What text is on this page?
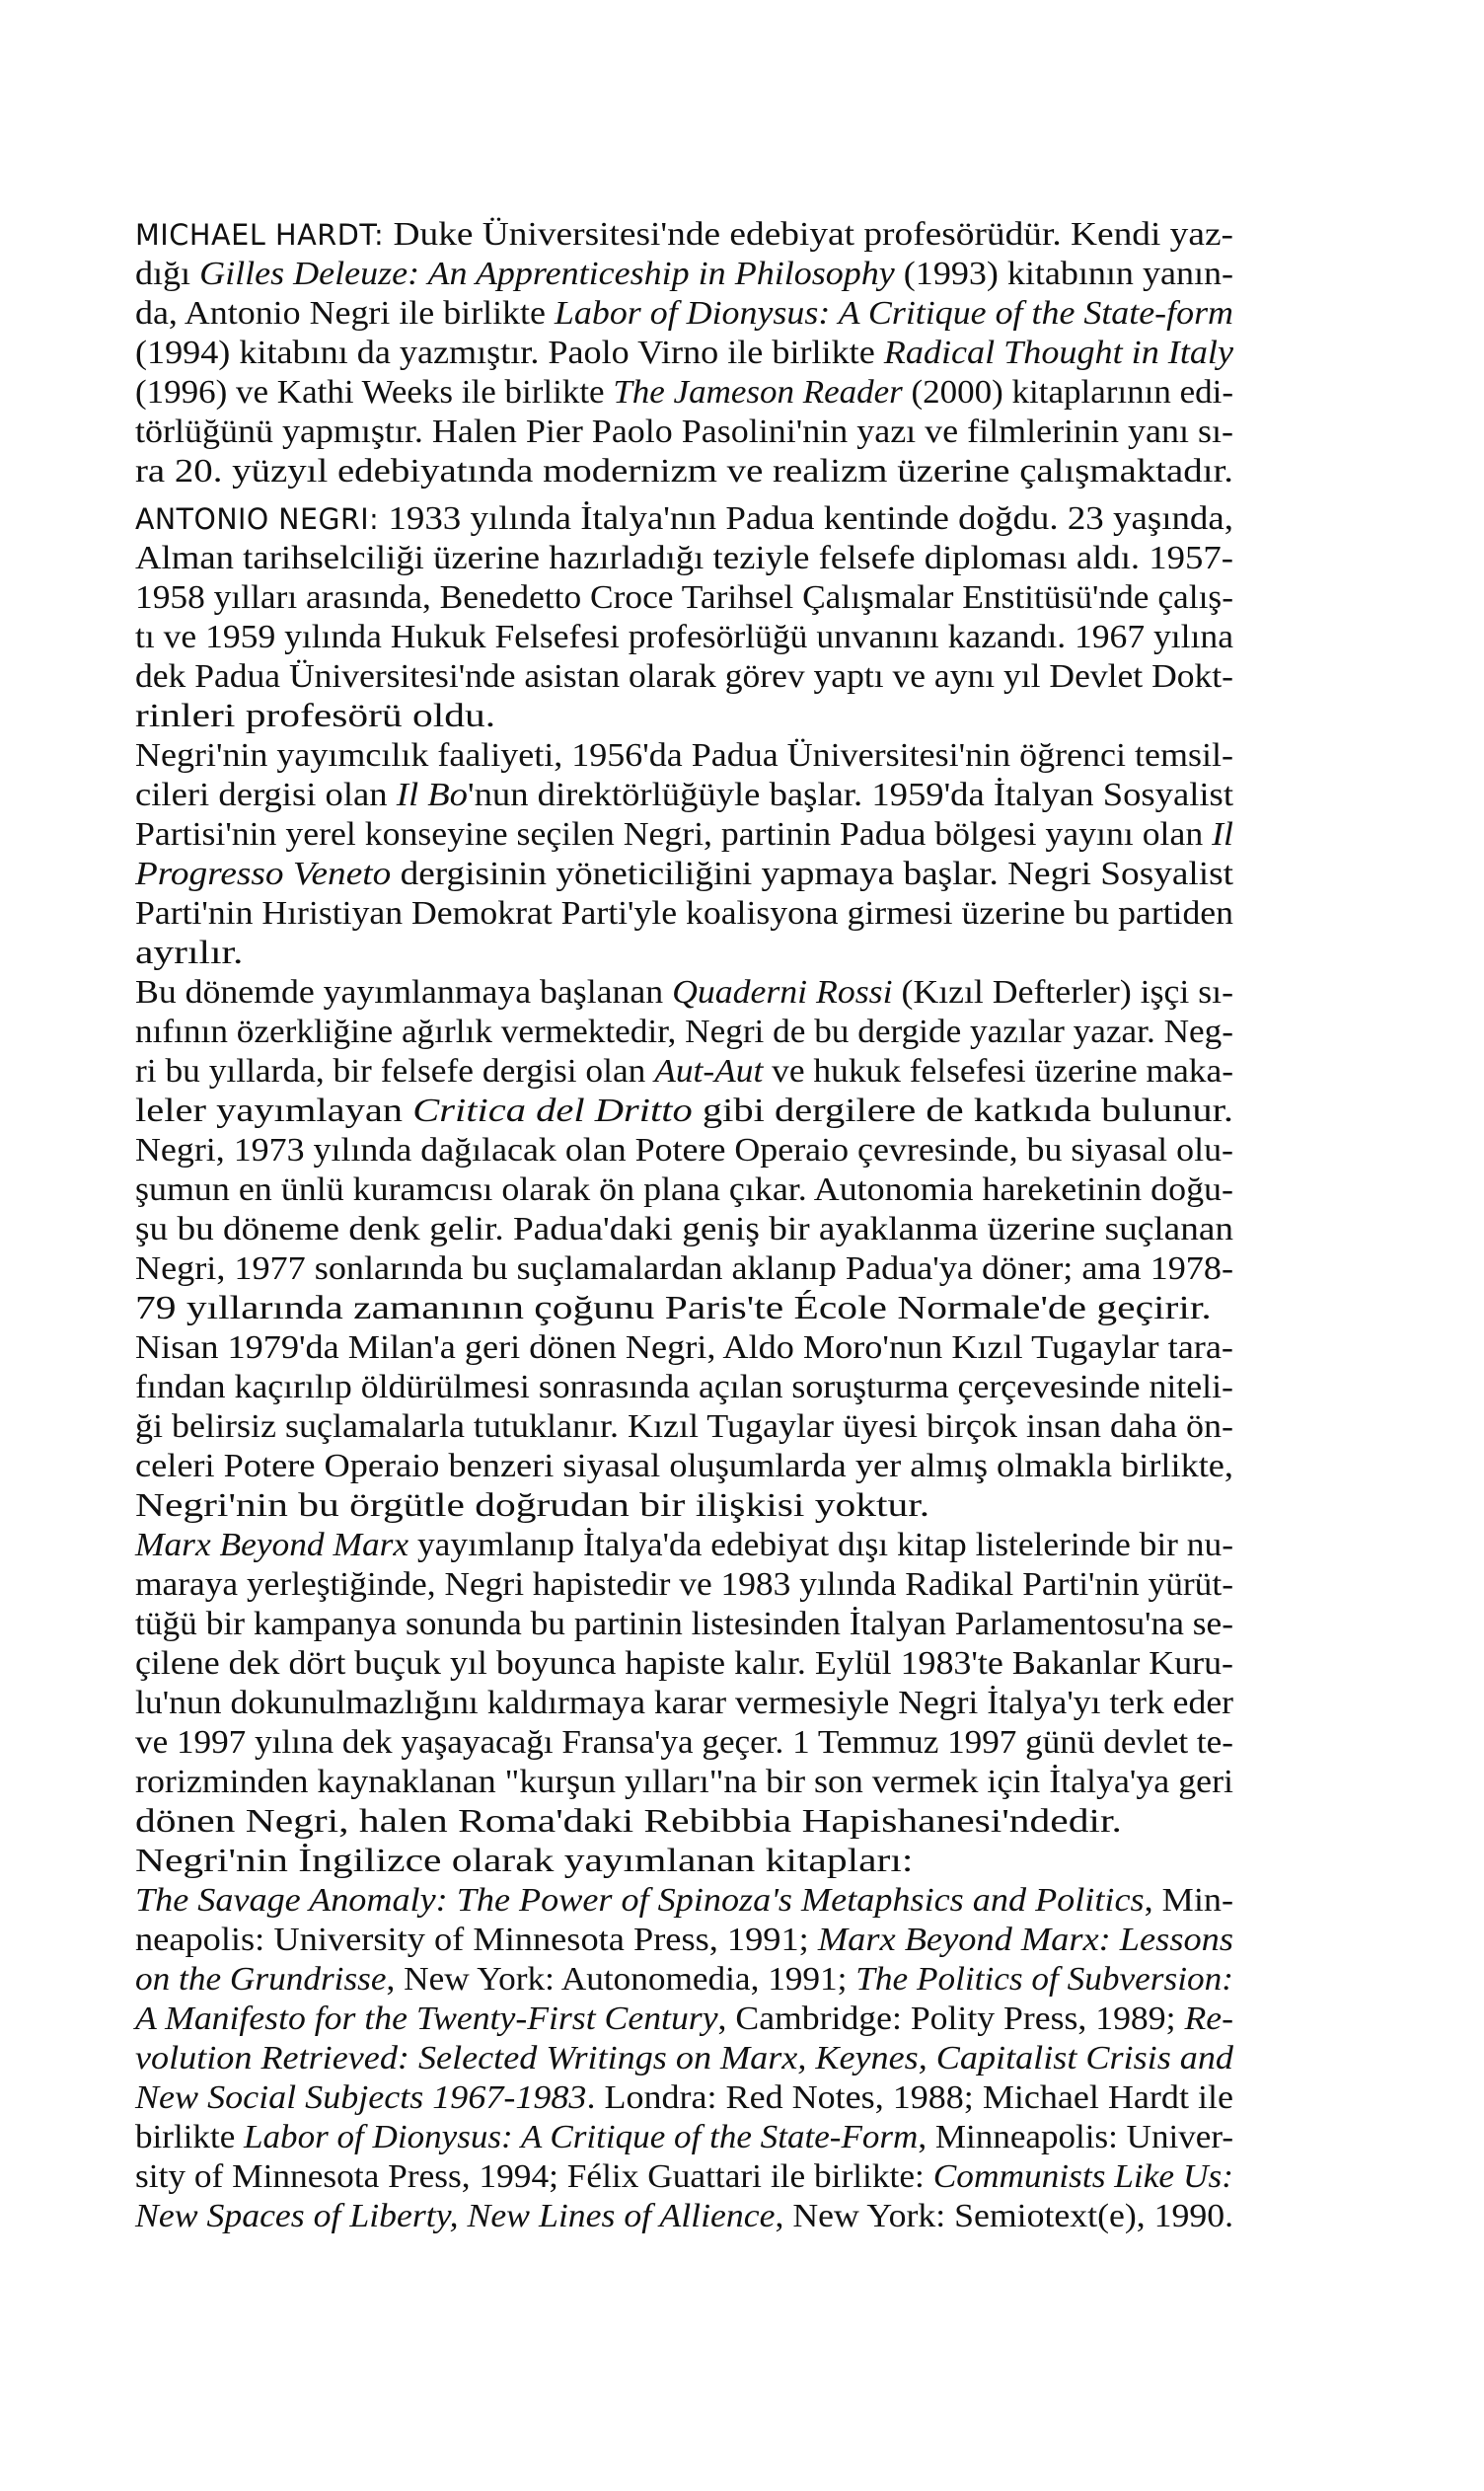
MICHAEL HARDT: Duke Üniversitesi'nde edebiyat profesörüdür. Kendi yaz-
dığı Gilles Deleuze: An Apprenticeship in Philosophy (1993) kitabının yanın-
da, Antonio Negri ile birlikte Labor of Dionysus: A Critique of the State-form
(1994) kitabını da yazmıştır. Paolo Virno ile birlikte Radical Thought in Italy
(1996) ve Kathi Weeks ile birlikte The Jameson Reader (2000) kitaplarının edi-
törlüğünü yapmıştır. Halen Pier Paolo Pasolini'nin yazı ve filmlerinin yanı sı-
ra 20. yüzyıl edebiyatında modernizm ve realizm üzerine çalışmaktadır.
ANTONIO NEGRI: 1933 yılında İtalya'nın Padua kentinde doğdu. 23 yaşında,
Alman tarihselciliği üzerine hazırladığı teziyle felsefe diploması aldı. 1957-
1958 yılları arasında, Benedetto Croce Tarihsel Çalışmalar Enstitüsü'nde çalış-
tı ve 1959 yılında Hukuk Felsefesi profesörlüğü unvanını kazandı. 1967 yılına
dek Padua Üniversitesi'nde asistan olarak görev yaptı ve aynı yıl Devlet Dokt-
rinleri profesörü oldu.
Negri'nin yayımcılık faaliyeti, 1956'da Padua Üniversitesi'nin öğrenci temsil-
cileri dergisi olan Il Bo'nun direktörlüğüyle başlar. 1959'da İtalyan Sosyalist
Partisi'nin yerel konseyine seçilen Negri, partinin Padua bölgesi yayını olan Il
Progresso Veneto dergisinin yöneticiliğini yapmaya başlar. Negri Sosyalist
Parti'nin Hıristiyan Demokrat Parti'yle koalisyona girmesi üzerine bu partiden
ayrılır.
Bu dönemde yayımlanmaya başlanan Quaderni Rossi (Kızıl Defterler) işçi sı-
nıfının özerkliğine ağırlık vermektedir, Negri de bu dergide yazılar yazar. Neg-
ri bu yıllarda, bir felsefe dergisi olan Aut-Aut ve hukuk felsefesi üzerine maka-
leler yayımlayan Critica del Dritto gibi dergilere de katkıda bulunur.
Negri, 1973 yılında dağılacak olan Potere Operaio çevresinde, bu siyasal olu-
şumun en ünlü kuramcısı olarak ön plana çıkar. Autonomia hareketinin doğu-
şu bu döneme denk gelir. Padua'daki geniş bir ayaklanma üzerine suçlanan
Negri, 1977 sonlarında bu suçlamalardan aklanıp Padua'ya döner; ama 1978-
79 yıllarında zamanının çoğunu Paris'te École Normale'de geçirir.
Nisan 1979'da Milan'a geri dönen Negri, Aldo Moro'nun Kızıl Tugaylar tara-
fından kaçırılıp öldürülmesi sonrasında açılan soruşturma çerçevesinde niteli-
ği belirsiz suçlamalarla tutuklanır. Kızıl Tugaylar üyesi birçok insan daha ön-
celeri Potere Operaio benzeri siyasal oluşumlarda yer almış olmakla birlikte,
Negri'nin bu örgütle doğrudan bir ilişkisi yoktur.
Marx Beyond Marx yayımlanıp İtalya'da edebiyat dışı kitap listelerinde bir nu-
maraya yerleştiğinde, Negri hapistedir ve 1983 yılında Radikal Parti'nin yürüt-
tüğü bir kampanya sonunda bu partinin listesinden İtalyan Parlamentosu'na se-
çilene dek dört buçuk yıl boyunca hapiste kalır. Eylül 1983'te Bakanlar Kuru-
lu'nun dokunulmazlığını kaldırmaya karar vermesiyle Negri İtalya'yı terk eder
ve 1997 yılına dek yaşayacağı Fransa'ya geçer. 1 Temmuz 1997 günü devlet te-
rorizminden kaynaklanan "kurşun yılları"na bir son vermek için İtalya'ya geri
dönen Negri, halen Roma'daki Rebibbia Hapishanesi'ndedir.
Negri'nin İngilizce olarak yayımlanan kitapları:
The Savage Anomaly: The Power of Spinoza's Metaphsics and Politics, Min-
neapolis: University of Minnesota Press, 1991; Marx Beyond Marx: Lessons
on the Grundrisse, New York: Autonomedia, 1991; The Politics of Subversion:
A Manifesto for the Twenty-First Century, Cambridge: Polity Press, 1989; Re-
volution Retrieved: Selected Writings on Marx, Keynes, Capitalist Crisis and
New Social Subjects 1967-1983. Londra: Red Notes, 1988; Michael Hardt ile
birlikte Labor of Dionysus: A Critique of the State-Form, Minneapolis: Univer-
sity of Minnesota Press, 1994; Félix Guattari ile birlikte: Communists Like Us:
New Spaces of Liberty, New Lines of Allience, New York: Semiotext(e), 1990.
